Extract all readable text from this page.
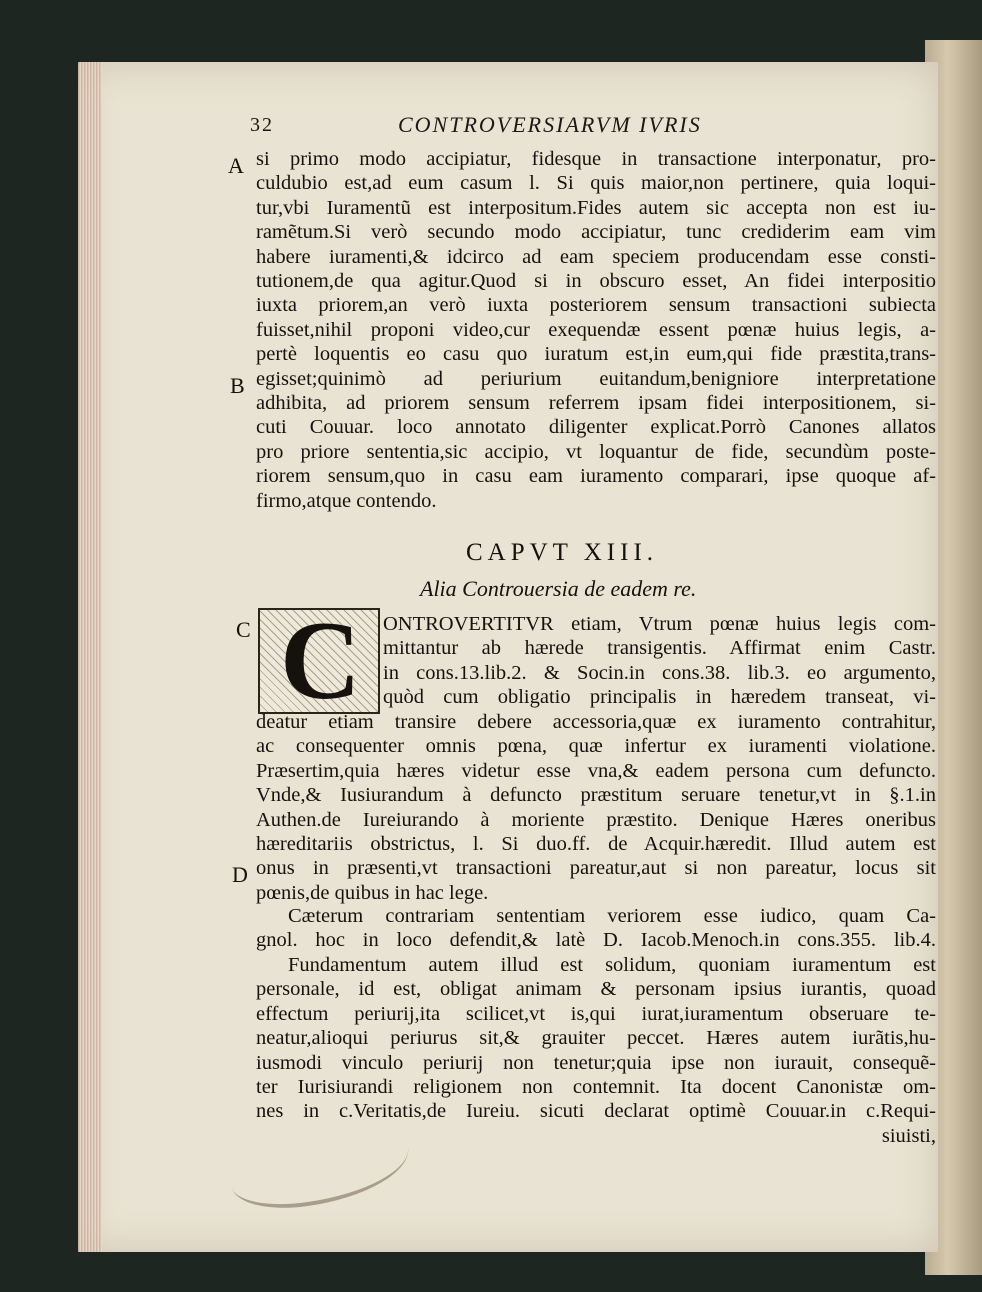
32	CONTROVERSIARVM IVRIS
A
B
C
D
si primo modo accipiatur, fidesque in transactione interponatur, pro-
culdubio est,ad eum casum l. Si quis maior,non pertinere, quia loqui-
tur,vbi Iuramentũ est interpositum.Fides autem sic accepta non est iu-
ramẽtum.Si verò secundo modo accipiatur, tunc crediderim eam vim
habere iuramenti,& idcirco ad eam speciem producendam esse consti-
tutionem,de qua agitur.Quod si in obscuro esset, An fidei interpositio
iuxta priorem,an verò iuxta posteriorem sensum transactioni subiecta
fuisset,nihil proponi video,cur exequendæ essent pœnæ huius legis, a-
pertè loquentis eo casu quo iuratum est,in eum,qui fide præstita,trans-
egisset;quinimò ad periurium euitandum,benigniore interpretatione
adhibita, ad priorem sensum referrem ipsam fidei interpositionem, si-
cuti Couuar. loco annotato diligenter explicat.Porrò Canones allatos
pro priore sententia,sic accipio, vt loquantur de fide, secundùm poste-
riorem sensum,quo in casu eam iuramento comparari, ipse quoque af-
firmo,atque contendo.
CAPVT XIII.
Alia Controuersia de eadem re.
C ONTROVERTITVR etiam, Vtrum pœnæ huius legis com-
mittantur ab hærede transigentis. Affirmat enim Castr.
in cons.13.lib.2. & Socin.in cons.38. lib.3. eo argumento,
quòd cum obligatio principalis in hæredem transeat, vi-
deatur etiam transire debere accessoria,quæ ex iuramento contrahitur,
ac consequenter omnis pœna, quæ infertur ex iuramenti violatione.
Præsertim,quia hæres videtur esse vna,& eadem persona cum defuncto.
Vnde,& Iusiurandum à defuncto præstitum seruare tenetur,vt in §.1.in
Authen.de Iureiurando à moriente præstito. Denique Hæres oneribus
hæreditariis obstrictus, l. Si duo.ff. de Acquir.hæredit. Illud autem est
onus in præsenti,vt transactioni pareatur,aut si non pareatur, locus sit
pœnis,de quibus in hac lege.
Cæterum contrariam sententiam veriorem esse iudico, quam Ca-
gnol. hoc in loco defendit,& latè D. Iacob.Menoch.in cons.355. lib.4.
Fundamentum autem illud est solidum, quoniam iuramentum est
personale, id est, obligat animam & personam ipsius iurantis, quoad
effectum periurij,ita scilicet,vt is,qui iurat,iuramentum obseruare te-
neatur,alioqui periurus sit,& grauiter peccet. Hæres autem iurãtis,hu-
iusmodi vinculo periurij non tenetur;quia ipse non iurauit, consequẽ-
ter Iurisiurandi religionem non contemnit. Ita docent Canonistæ om-
nes in c.Veritatis,de Iureiu. sicuti declarat optimè Couuar.in c.Requi-
siuisti,
